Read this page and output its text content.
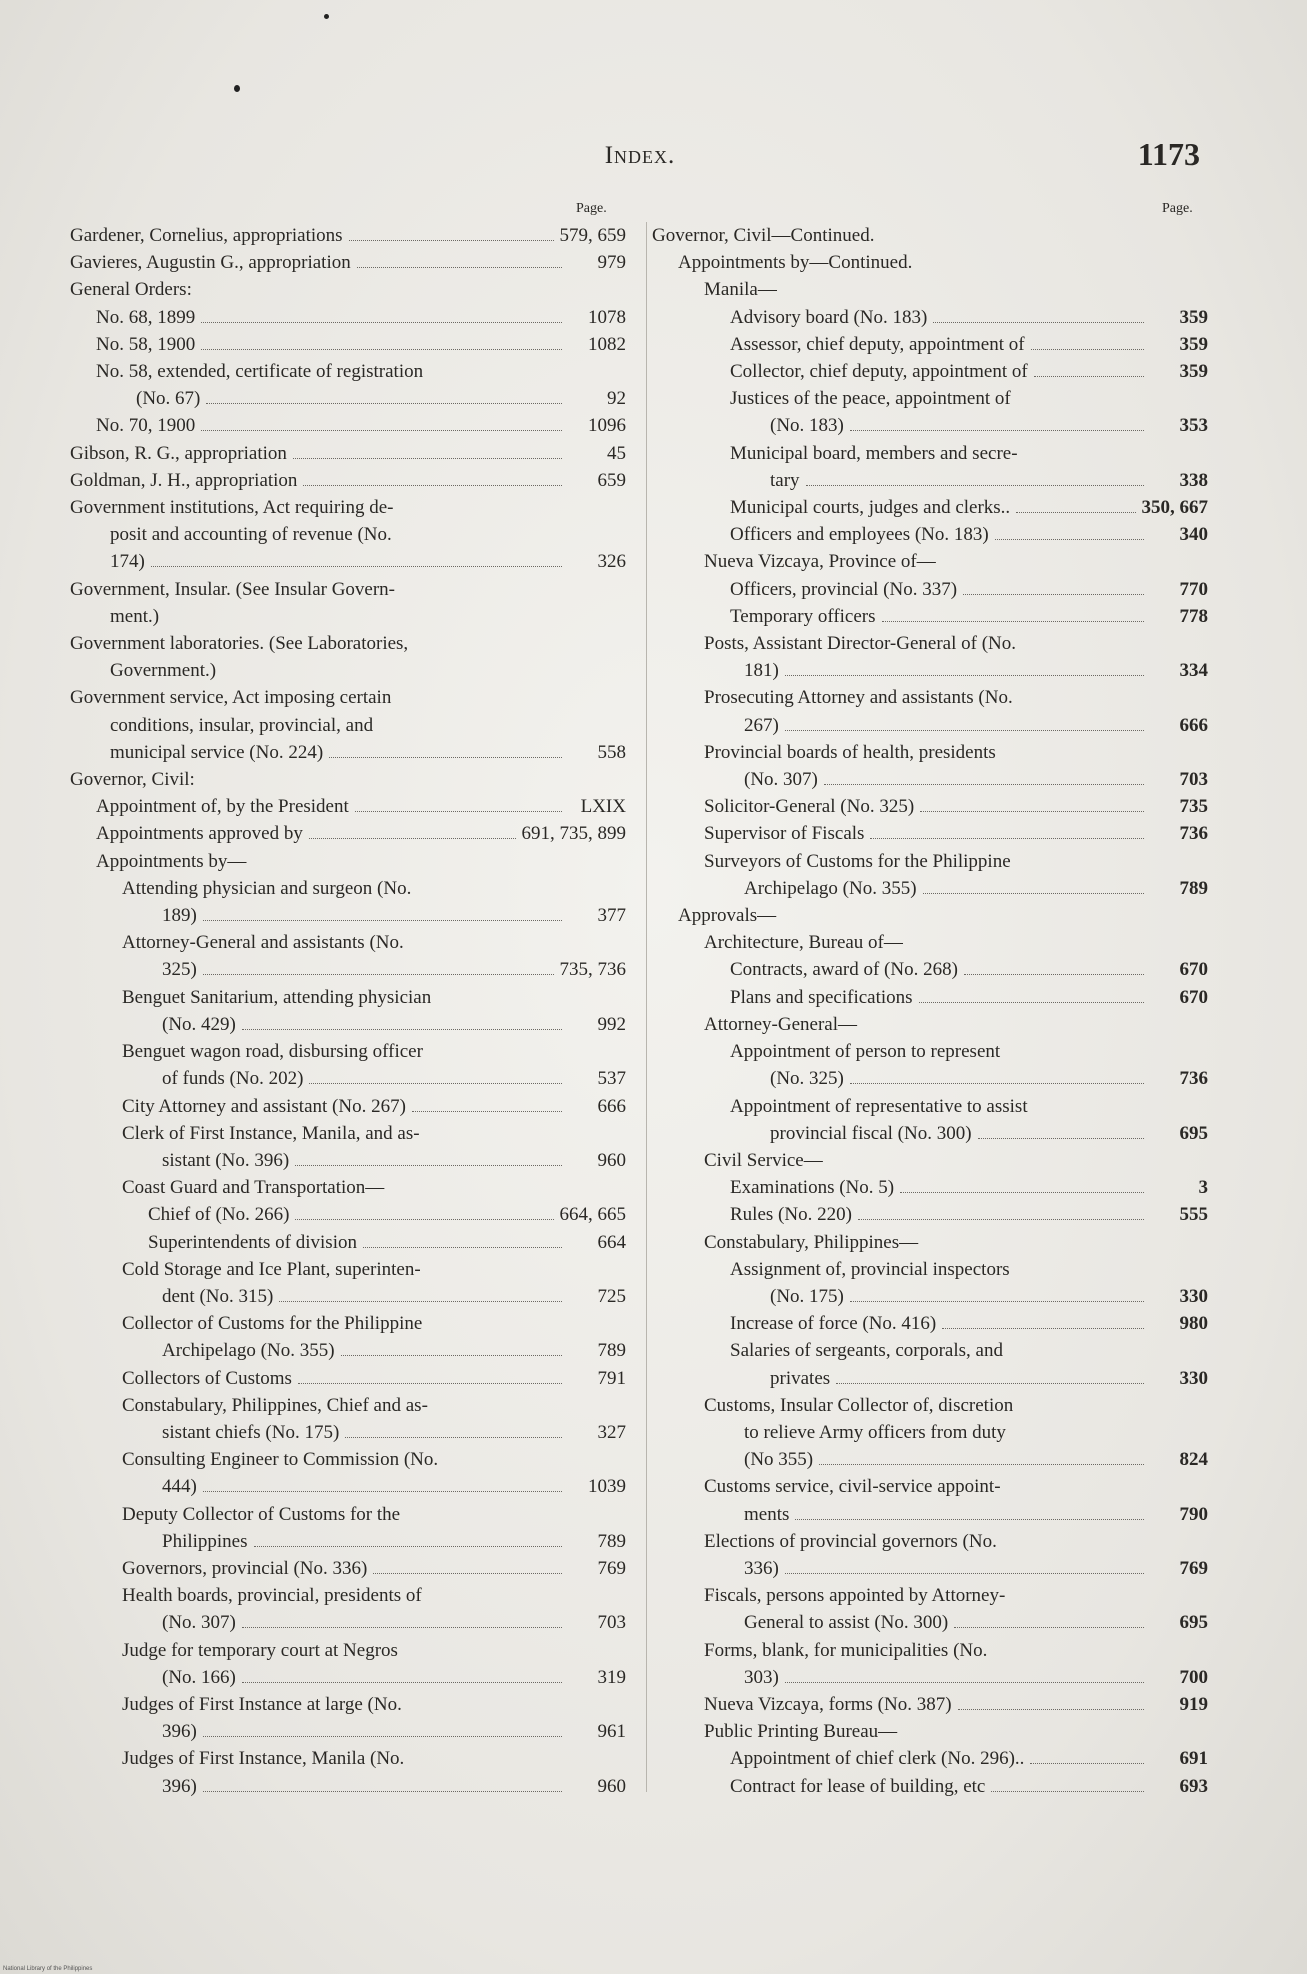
Index.	1173
Page.	Page.
Gardener, Cornelius, appropriations	579, 659
Gavieres, Augustin G., appropriation	979
General Orders:
No. 68, 1899	1078
No. 58, 1900	1082
No. 58, extended, certificate of registration
(No. 67)	92
No. 70, 1900	1096
Gibson, R. G., appropriation	45
Goldman, J. H., appropriation	659
Government institutions, Act requiring de-
posit and accounting of revenue (No.
174)	326
Government, Insular. (See Insular Govern-
ment.)
Government laboratories. (See Laboratories,
Government.)
Government service, Act imposing certain
conditions, insular, provincial, and
municipal service (No. 224)	558
Governor, Civil:
Appointment of, by the President	LXIX
Appointments approved by	691, 735, 899
Appointments by—
Attending physician and surgeon (No.
189)	377
Attorney-General and assistants (No.
325)	735, 736
Benguet Sanitarium, attending physician
(No. 429)	992
Benguet wagon road, disbursing officer
of funds (No. 202)	537
City Attorney and assistant (No. 267)	666
Clerk of First Instance, Manila, and as-
sistant (No. 396)	960
Coast Guard and Transportation—
Chief of (No. 266)	664, 665
Superintendents of division	664
Cold Storage and Ice Plant, superinten-
dent (No. 315)	725
Collector of Customs for the Philippine
Archipelago (No. 355)	789
Collectors of Customs	791
Constabulary, Philippines, Chief and as-
sistant chiefs (No. 175)	327
Consulting Engineer to Commission (No.
444)	1039
Deputy Collector of Customs for the
Philippines	789
Governors, provincial (No. 336)	769
Health boards, provincial, presidents of
(No. 307)	703
Judge for temporary court at Negros
(No. 166)	319
Judges of First Instance at large (No.
396)	961
Judges of First Instance, Manila (No.
396)	960
Governor, Civil—Continued.
Appointments by—Continued.
Manila—
Advisory board (No. 183)	359
Assessor, chief deputy, appointment of	359
Collector, chief deputy, appointment of	359
Justices of the peace, appointment of
(No. 183)	353
Municipal board, members and secre-
tary	338
Municipal courts, judges and clerks..	350, 667
Officers and employees (No. 183)	340
Nueva Vizcaya, Province of—
Officers, provincial (No. 337)	770
Temporary officers	778
Posts, Assistant Director-General of (No.
181)	334
Prosecuting Attorney and assistants (No.
267)	666
Provincial boards of health, presidents
(No. 307)	703
Solicitor-General (No. 325)	735
Supervisor of Fiscals	736
Surveyors of Customs for the Philippine
Archipelago (No. 355)	789
Approvals—
Architecture, Bureau of—
Contracts, award of (No. 268)	670
Plans and specifications	670
Attorney-General—
Appointment of person to represent
(No. 325)	736
Appointment of representative to assist
provincial fiscal (No. 300)	695
Civil Service—
Examinations (No. 5)	3
Rules (No. 220)	555
Constabulary, Philippines—
Assignment of, provincial inspectors
(No. 175)	330
Increase of force (No. 416)	980
Salaries of sergeants, corporals, and
privates	330
Customs, Insular Collector of, discretion
to relieve Army officers from duty
(No 355)	824
Customs service, civil-service appoint-
ments	790
Elections of provincial governors (No.
336)	769
Fiscals, persons appointed by Attorney-
General to assist (No. 300)	695
Forms, blank, for municipalities (No.
303)	700
Nueva Vizcaya, forms (No. 387)	919
Public Printing Bureau—
Appointment of chief clerk (No. 296)..	691
Contract for lease of building, etc	693
National Library of the Philippines
